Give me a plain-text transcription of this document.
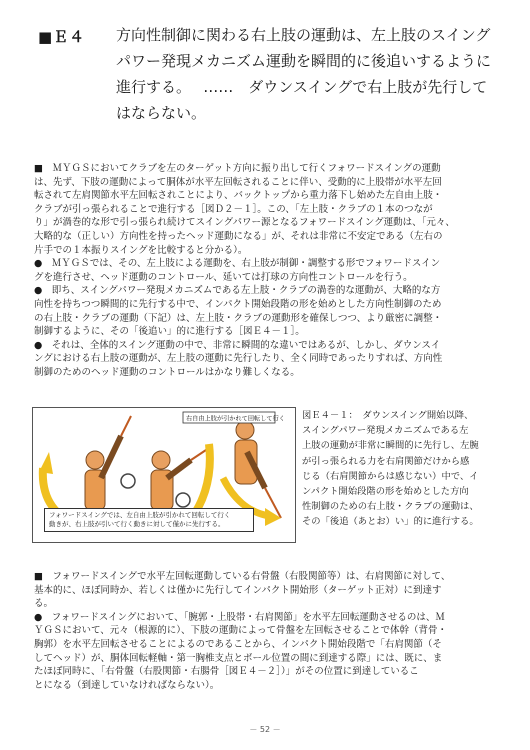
■Ｅ４ 方向性制御に関わる右上肢の運動は、左上肢のスイング
パワー発現メカニズム運動を瞬間的に後追いするように
進行する。　 ……　ダウンスイングで右上肢が先行して
はならない。
■　ＭＹＧＳにおいてクラブを左のターゲット方向に振り出して行くフォワードスイングの運動
は、先ず、下肢の運動によって胴体が水平左回転されることに伴い、受動的に上股帯が水平左回
転されて左肩関節水平左回転されことにより、バックトップから重力落下し始めた左自由上肢・
クラブが引っ張られることで進行する［図Ｄ２－１］。この、「左上肢・クラブの１本のつなが
り」が渦巻的な形で引っ張られ続けてスイングパワー源となるフォワードスイング運動は、「元々、
大略的な（正しい）方向性を持ったヘッド運動になる」が、それは非常に不安定である（左右の
片手での１本振りスイングを比較すると分かる）。
●　ＭＹＧＳでは、その、左上肢による運動を、右上肢が制御・調整する形でフォワードスイン
グを進行させ、ヘッド運動のコントロール、延いては打球の方向性コントロールを行う。
●　即ち、スイングパワー発現メカニズムである左上肢・クラブの渦巻的な運動が、大略的な方
向性を持ちつつ瞬間的に先行する中で、インパクト開始段階の形を始めとした方向性制御のため
の右上肢・クラブの運動（下記）は、左上肢・クラブの運動形を確保しつつ、より厳密に調整・
制御するように、その「後追い」的に進行する［図Ｅ４－１］。
●　それは、全体的スイング運動の中で、非常に瞬間的な違いではあるが、しかし、ダウンスイ
ングにおける右上肢の運動が、左上肢の運動に先行したり、全く同時であったりすれば、方向性
制御のためのヘッド運動のコントロールはかなり難しくなる。
右自由上肢が引かれて回転して行く
フォワードスイングでは、左自由上肢が引かれて回転して行く
動きが、右上肢が引いて行く動きに対して僅かに先行する。
図Ｅ４－１：　ダウンスイング開始以降、
スイングパワー発現メカニズムである左
上肢の運動が非常に瞬間的に先行し、左腕
が引っ張られる力を右肩関節だけから感
じる（右肩関節からは感じない）中で、イ
ンパクト開始段階の形を始めとした方向
性制御のための右上肢・クラブの運動は、
その「後追（あとお）い」的に進行する。
■　フォワードスイングで水平左回転運動している右骨盤（右股関節等）は、右肩関節に対して、
基本的に、ほぼ同時か、若しくは僅かに先行してインパクト開始形（ターゲット正対）に到達す
る。
●　フォワードスイングにおいて、「腕郭・上股帯・右肩関節」を水平左回転運動させるのは、Ｍ
ＹＧＳにおいて、元々（根源的に）、下肢の運動によって骨盤を左回転させることで体幹（背骨・
胸郭）を水平左回転させることによるのであることから、インパクト開始段階で「右肩関節（そ
してヘッド）が、胴体回転軽軸・第一胸椎支点とボール位置の間に到達する際」には、既に、ま
たほぼ同時に、「右骨盤（右股関節・右腸骨［図Ｅ４－２］）」がその位置に到達しているこ
とになる（到達していなければならない）。
－ 52 －
